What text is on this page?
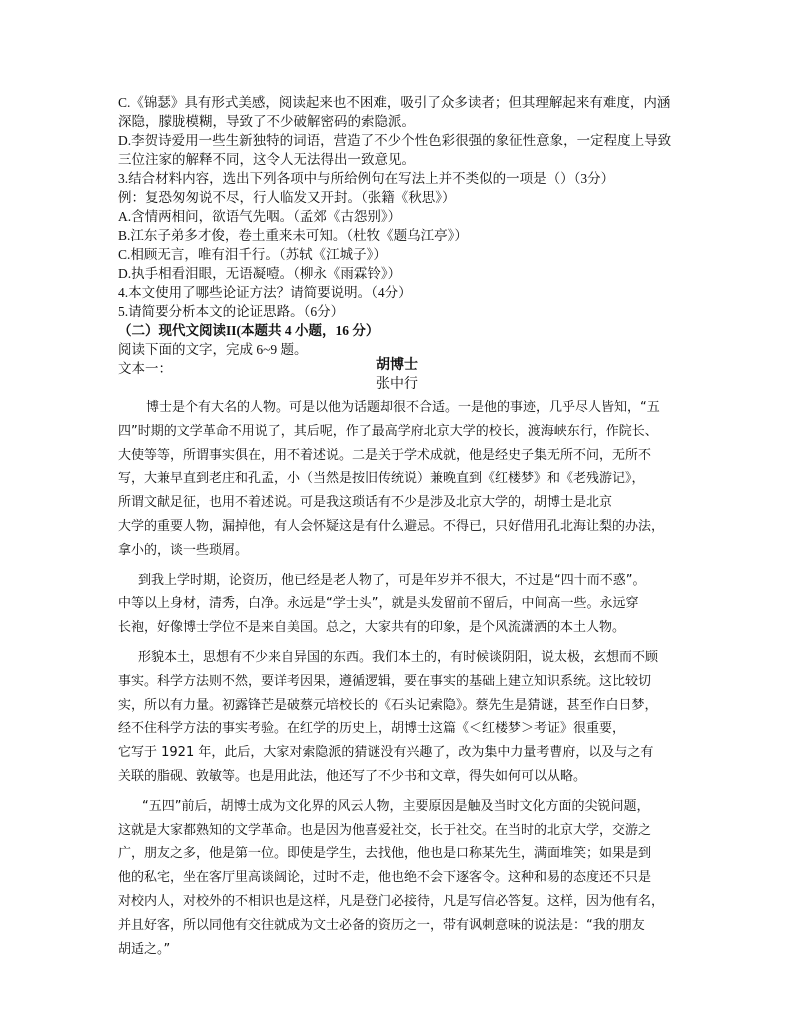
C.《锦瑟》具有形式美感，阅读起来也不困难，吸引了众多读者；但其理解起来有难度，内涵

深隐，朦胧模糊，导致了不少破解密码的索隐派。

D.李贺诗爱用一些生新独特的词语，营造了不少个性色彩很强的象征性意象，一定程度上导致

三位注家的解释不同，这令人无法得出一致意见。

3.结合材料内容，选出下列各项中与所给例句在写法上并不类似的一项是（）（3分）

例：复恐匆匆说不尽，行人临发又开封。（张籍《秋思》）

A.含情两相问，欲语气先咽。（孟郊《古怨别》）

B.江东子弟多才俊，卷土重来未可知。（杜牧《题乌江亭》）

C.相顾无言，唯有泪千行。（苏轼《江城子》）

D.执手相看泪眼，无语凝噎。（柳永《雨霖铃》）

4.本文使用了哪些论证方法？请简要说明。（4分）

5.请简要分析本文的论证思路。（6分）

（二）现代文阅读II(本题共 4 小题，16 分）

阅读下面的文字，完成 6~9 题。

文本一：	胡博士
张中行

博士是个有大名的人物。可是以他为话题却很不合适。一是他的事迹，几乎尽人皆知，“五

四”时期的文学革命不用说了，其后呢，作了最高学府北京大学的校长，渡海峡东行，作院长、

大使等等，所谓事实俱在，用不着述说。二是关于学术成就，他是经史子集无所不问，无所不

写，大兼早直到老庄和孔孟，小（当然是按旧传统说）兼晚直到《红楼梦》和《老残游记》，

所谓文献足征，也用不着述说。可是我这琐话有不少是涉及北京大学的，胡博士是北京

大学的重要人物，漏掉他，有人会怀疑这是有什么避忌。不得已，只好借用孔北海让梨的办法，

拿小的，谈一些琐屑。

到我上学时期，论资历，他已经是老人物了，可是年岁并不很大，不过是“四十而不惑”。

中等以上身材，清秀，白净。永远是“学士头”，就是头发留前不留后，中间高一些。永远穿

长袍，好像博士学位不是来自美国。总之，大家共有的印象，是个风流潇洒的本土人物。

形貌本土，思想有不少来自异国的东西。我们本土的，有时候谈阴阳，说太极，玄想而不顾

事实。科学方法则不然，要详考因果，遵循逻辑，要在事实的基础上建立知识系统。这比较切

实，所以有力量。初露锋芒是破蔡元培校长的《石头记索隐》。蔡先生是猜谜，甚至作白日梦，

经不住科学方法的事实考验。在红学的历史上，胡博士这篇《＜红楼梦＞考证》很重要，

它写于 1921 年，此后，大家对索隐派的猜谜没有兴趣了，改为集中力量考曹府，以及与之有

关联的脂砚、敦敏等。也是用此法，他还写了不少书和文章，得失如何可以从略。

“五四”前后，胡博士成为文化界的风云人物，主要原因是触及当时文化方面的尖锐问题，

这就是大家都熟知的文学革命。也是因为他喜爱社交，长于社交。在当时的北京大学，交游之

广，朋友之多，他是第一位。即使是学生，去找他，他也是口称某先生，满面堆笑；如果是到

他的私宅，坐在客厅里高谈阔论，过时不走，他也绝不会下逐客令。这种和易的态度还不只是

对校内人，对校外的不相识也是这样，凡是登门必接待，凡是写信必答复。这样，因为他有名，

并且好客，所以同他有交往就成为文士必备的资历之一，带有讽刺意味的说法是：“我的朋友

胡适之。”
